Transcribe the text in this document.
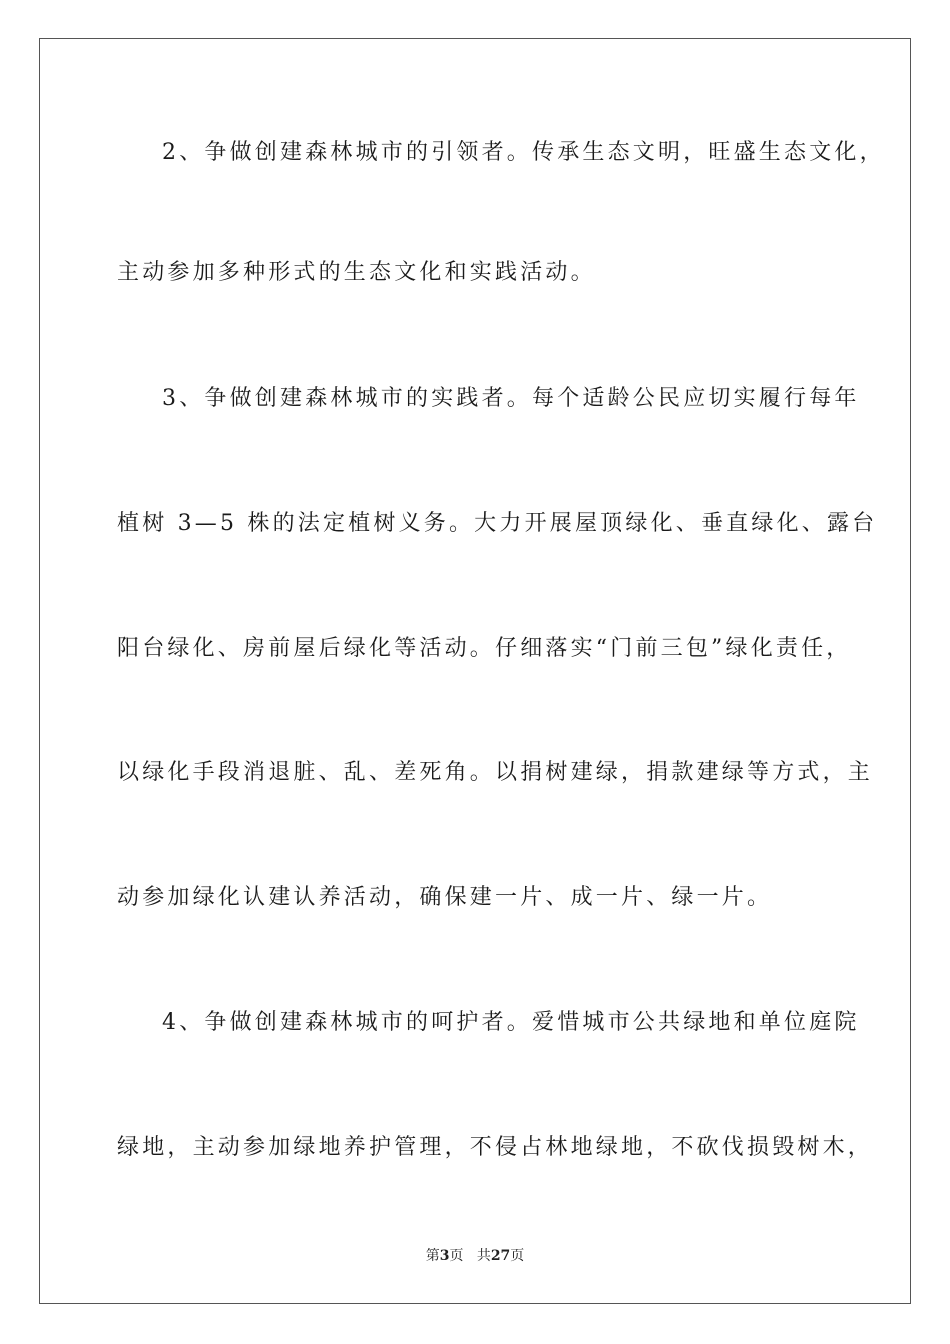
2、争做创建森林城市的引领者。传承生态文明，旺盛生态文化，
主动参加多种形式的生态文化和实践活动。
3、争做创建森林城市的实践者。每个适龄公民应切实履行每年
植树 3—5 株的法定植树义务。大力开展屋顶绿化、垂直绿化、露台
阳台绿化、房前屋后绿化等活动。仔细落实“门前三包”绿化责任，
以绿化手段消退脏、乱、差死角。以捐树建绿，捐款建绿等方式，主
动参加绿化认建认养活动，确保建一片、成一片、绿一片。
4、争做创建森林城市的呵护者。爱惜城市公共绿地和单位庭院
绿地，主动参加绿地养护管理，不侵占林地绿地，不砍伐损毁树木，
第3页 共27页
